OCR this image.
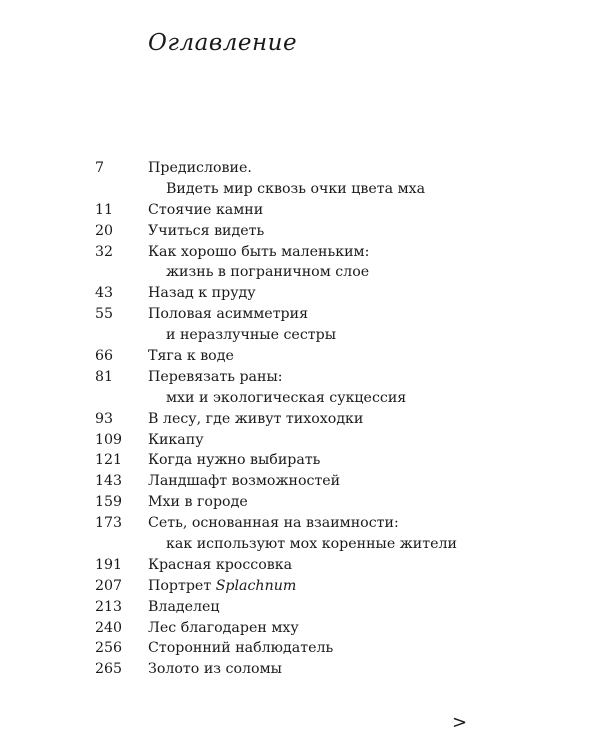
Оглавление
7	Предисловие.
Видеть мир сквозь очки цвета мха
11	Стоячие камни
20	Учиться видеть
32	Как хорошо быть маленьким:
жизнь в пограничном слое
43	Назад к пруду
55	Половая асимметрия
и неразлучные сестры
66	Тяга к воде
81	Перевязать раны:
мхи и экологическая сукцессия
93	В лесу, где живут тихоходки
109	Кикапу
121	Когда нужно выбирать
143	Ландшафт возможностей
159	Мхи в городе
173	Сеть, основанная на взаимности:
как используют мох коренные жители
191	Красная кроссовка
207	Портрет Splachnum
213	Владелец
240	Лес благодарен мху
256	Сторонний наблюдатель
265	Золото из соломы
>
